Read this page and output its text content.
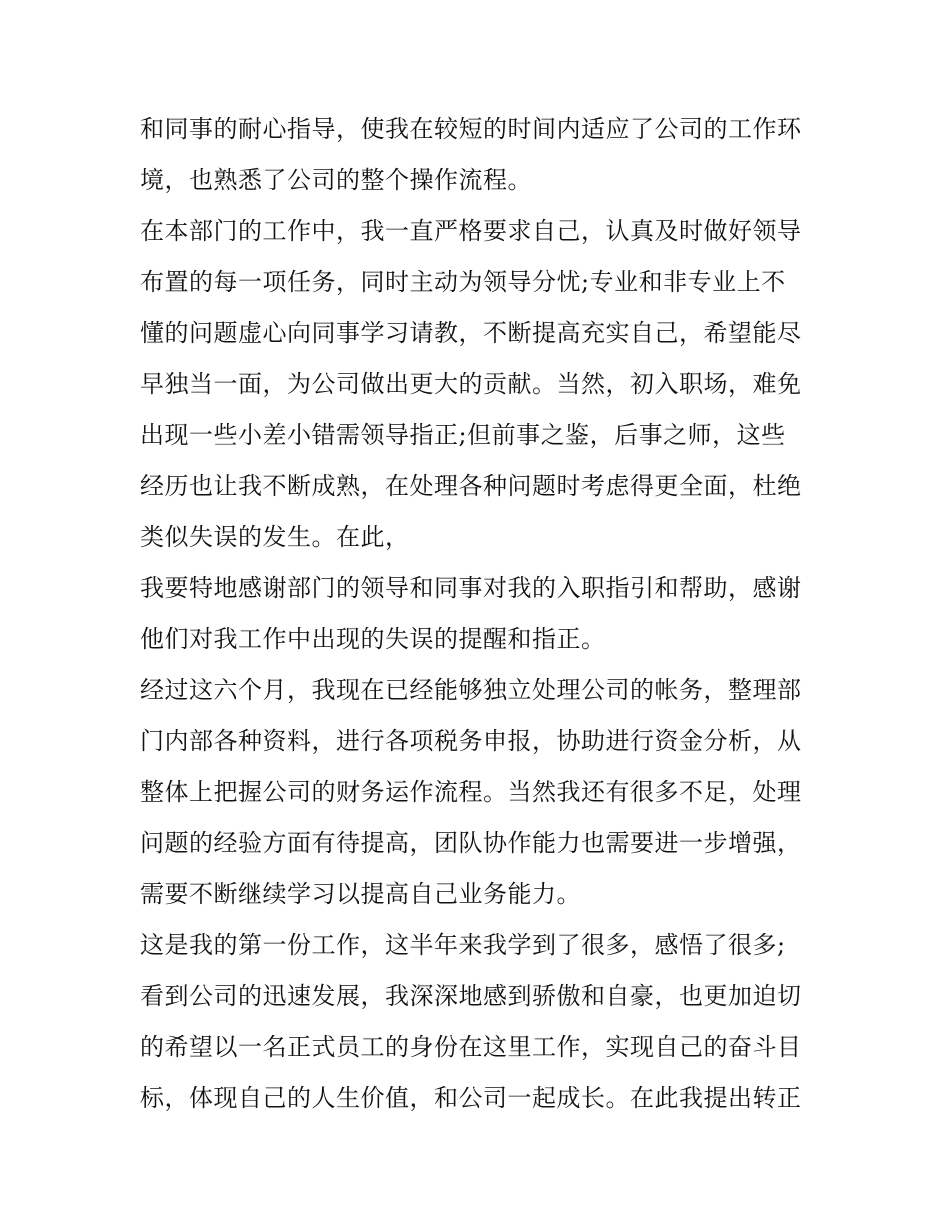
和同事的耐心指导，使我在较短的时间内适应了公司的工作环
境，也熟悉了公司的整个操作流程。
在本部门的工作中，我一直严格要求自己，认真及时做好领导
布置的每一项任务，同时主动为领导分忧;专业和非专业上不
懂的问题虚心向同事学习请教，不断提高充实自己，希望能尽
早独当一面，为公司做出更大的贡献。当然，初入职场，难免
出现一些小差小错需领导指正;但前事之鉴，后事之师，这些
经历也让我不断成熟，在处理各种问题时考虑得更全面，杜绝
类似失误的发生。在此，
我要特地感谢部门的领导和同事对我的入职指引和帮助，感谢
他们对我工作中出现的失误的提醒和指正。
经过这六个月，我现在已经能够独立处理公司的帐务，整理部
门内部各种资料，进行各项税务申报，协助进行资金分析，从
整体上把握公司的财务运作流程。当然我还有很多不足，处理
问题的经验方面有待提高，团队协作能力也需要进一步增强，
需要不断继续学习以提高自己业务能力。
这是我的第一份工作，这半年来我学到了很多，感悟了很多;
看到公司的迅速发展，我深深地感到骄傲和自豪，也更加迫切
的希望以一名正式员工的身份在这里工作，实现自己的奋斗目
标，体现自己的人生价值，和公司一起成长。在此我提出转正
